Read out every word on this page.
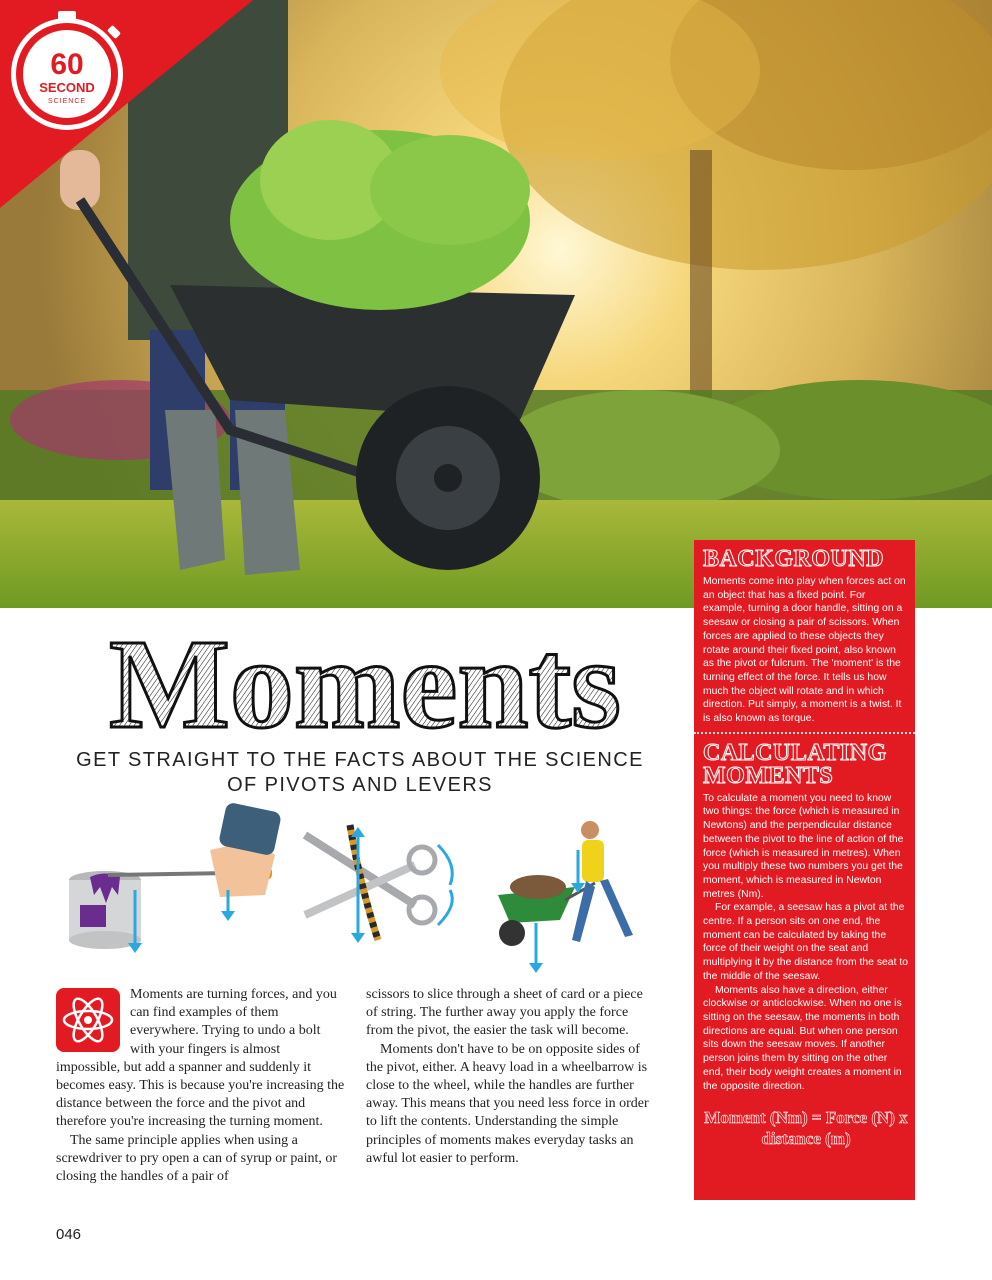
60
SECOND
SCIENCE
Moments
GET STRAIGHT TO THE FACTS ABOUT THE SCIENCE OF PIVOTS AND LEVERS

Moments are turning forces, and you can find examples of them everywhere. Trying to undo a bolt with your fingers is almost impossible, but add a spanner and suddenly it becomes easy. This is because you're increasing the distance between the force and the pivot and therefore you're increasing the turning moment.

The same principle applies when using a screwdriver to pry open a can of syrup or paint, or closing the handles of a pair of

scissors to slice through a sheet of card or a piece of string. The further away you apply the force from the pivot, the easier the task will become.

Moments don't have to be on opposite sides of the pivot, either. A heavy load in a wheelbarrow is close to the wheel, while the handles are further away. This means that you need less force in order to lift the contents. Understanding the simple principles of moments makes everyday tasks an awful lot easier to perform.

046
BACKGROUND

Moments come into play when forces act on an object that has a fixed point. For example, turning a door handle, sitting on a seesaw or closing a pair of scissors. When forces are applied to these objects they rotate around their fixed point, also known as the pivot or fulcrum. The 'moment' is the turning effect of the force. It tells us how much the object will rotate and in which direction. Put simply, a moment is a twist. It is also known as torque.

CALCULATING MOMENTS

To calculate a moment you need to know two things: the force (which is measured in Newtons) and the perpendicular distance between the pivot to the line of action of the force (which is measured in metres). When you multiply these two numbers you get the moment, which is measured in Newton metres (Nm).

For example, a seesaw has a pivot at the centre. If a person sits on one end, the moment can be calculated by taking the force of their weight on the seat and multiplying it by the distance from the seat to the middle of the seesaw.

Moments also have a direction, either clockwise or anticlockwise. When no one is sitting on the seesaw, the moments in both directions are equal. But when one person sits down the seesaw moves. If another person joins them by sitting on the other end, their body weight creates a moment in the opposite direction.

Moment (Nm) = Force (N) x distance (m)
